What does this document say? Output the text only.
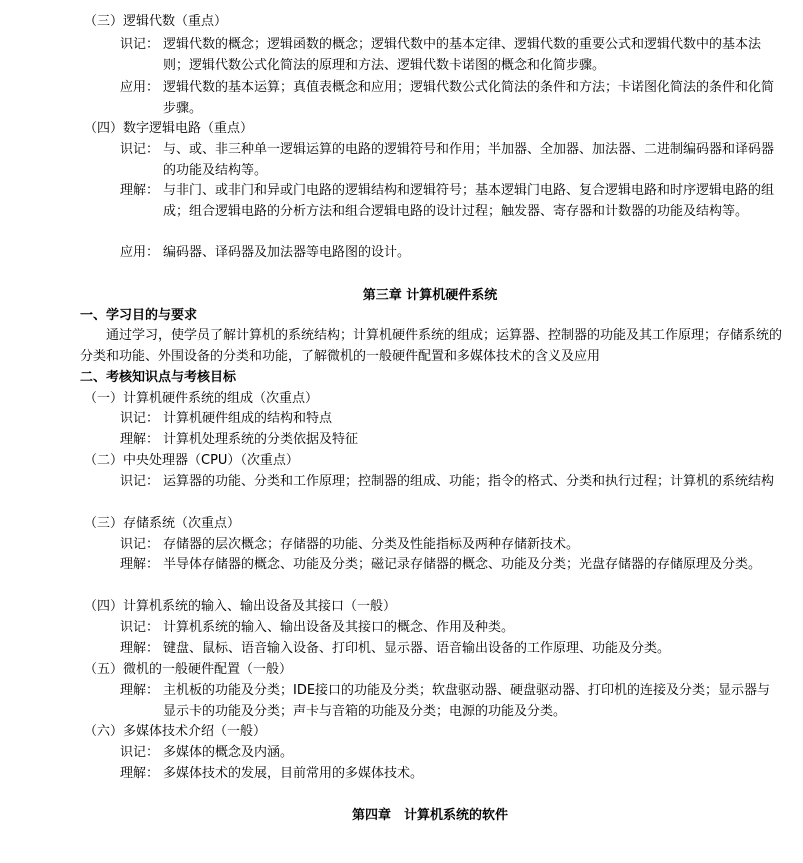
（三）逻辑代数（重点）
识记： 逻辑代数的概念；逻辑函数的概念；逻辑代数中的基本定律、逻辑代数的重要公式和逻辑代数中的基本法则；逻辑代数公式化简法的原理和方法、逻辑代数卡诺图的概念和化简步骤。
应用： 逻辑代数的基本运算；真值表概念和应用；逻辑代数公式化简法的条件和方法；卡诺图化简法的条件和化简步骤。
（四）数字逻辑电路（重点）
识记： 与、或、非三种单一逻辑运算的电路的逻辑符号和作用；半加器、全加器、加法器、二进制编码器和译码器的功能及结构等。
理解： 与非门、或非门和异或门电路的逻辑结构和逻辑符号；基本逻辑门电路、复合逻辑电路和时序逻辑电路的组成；组合逻辑电路的分析方法和组合逻辑电路的设计过程；触发器、寄存器和计数器的功能及结构等。
应用： 编码器、译码器及加法器等电路图的设计。
第三章 计算机硬件系统
一、学习目的与要求
通过学习，使学员了解计算机的系统结构；计算机硬件系统的组成；运算器、控制器的功能及其工作原理；存储系统的分类和功能、外围设备的分类和功能，了解微机的一般硬件配置和多媒体技术的含义及应用
二、考核知识点与考核目标
（一）计算机硬件系统的组成（次重点）
识记： 计算机硬件组成的结构和特点
理解： 计算机处理系统的分类依据及特征
（二）中央处理器（CPU）（次重点）
识记： 运算器的功能、分类和工作原理；控制器的组成、功能；指令的格式、分类和执行过程；计算机的系统结构
（三）存储系统（次重点）
识记： 存储器的层次概念；存储器的功能、分类及性能指标及两种存储新技术。
理解： 半导体存储器的概念、功能及分类；磁记录存储器的概念、功能及分类；光盘存储器的存储原理及分类。
（四）计算机系统的输入、输出设备及其接口（一般）
识记： 计算机系统的输入、输出设备及其接口的概念、作用及种类。
理解： 键盘、鼠标、语音输入设备、打印机、显示器、语音输出设备的工作原理、功能及分类。
（五）微机的一般硬件配置（一般）
理解： 主机板的功能及分类；IDE接口的功能及分类；软盘驱动器、硬盘驱动器、打印机的连接及分类；显示器与显示卡的功能及分类；声卡与音箱的功能及分类；电源的功能及分类。
（六）多媒体技术介绍（一般）
识记： 多媒体的概念及内涵。
理解： 多媒体技术的发展，目前常用的多媒体技术。
第四章　计算机系统的软件
